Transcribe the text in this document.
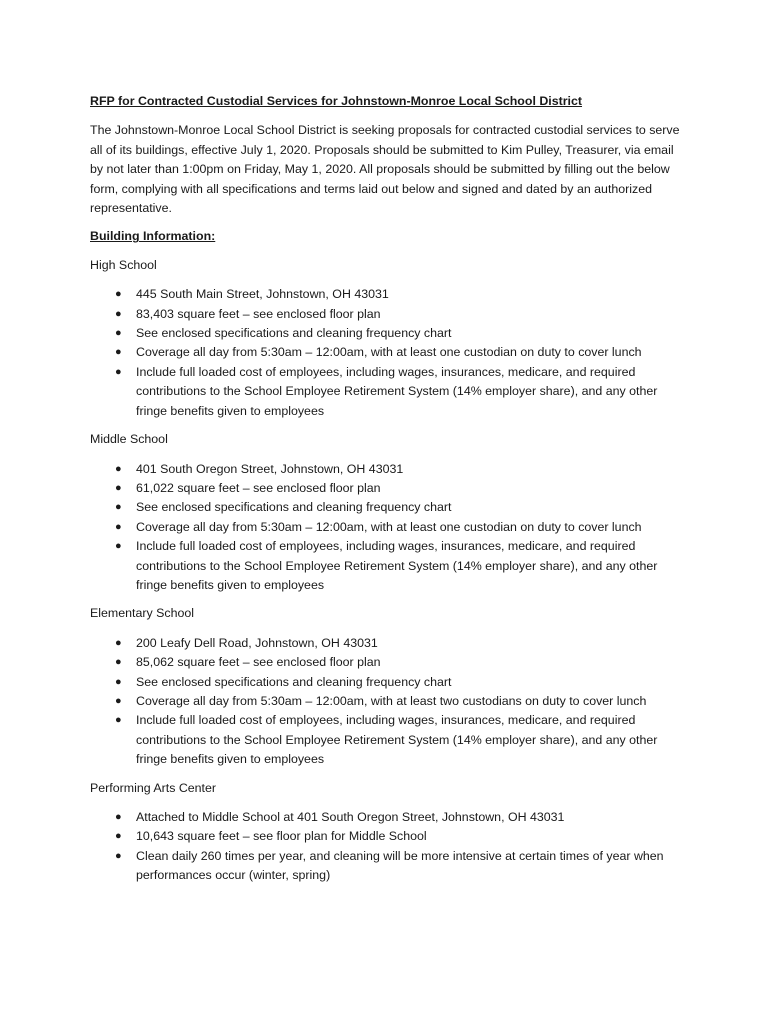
RFP for Contracted Custodial Services for Johnstown-Monroe Local School District
The Johnstown-Monroe Local School District is seeking proposals for contracted custodial services to serve all of its buildings, effective July 1, 2020. Proposals should be submitted to Kim Pulley, Treasurer, via email by not later than 1:00pm on Friday, May 1, 2020. All proposals should be submitted by filling out the below form, complying with all specifications and terms laid out below and signed and dated by an authorized representative.
Building Information:
High School
● 445 South Main Street, Johnstown, OH 43031
● 83,403 square feet – see enclosed floor plan
● See enclosed specifications and cleaning frequency chart
● Coverage all day from 5:30am – 12:00am, with at least one custodian on duty to cover lunch
● Include full loaded cost of employees, including wages, insurances, medicare, and required contributions to the School Employee Retirement System (14% employer share), and any other fringe benefits given to employees
Middle School
● 401 South Oregon Street, Johnstown, OH 43031
● 61,022 square feet – see enclosed floor plan
● See enclosed specifications and cleaning frequency chart
● Coverage all day from 5:30am – 12:00am, with at least one custodian on duty to cover lunch
● Include full loaded cost of employees, including wages, insurances, medicare, and required contributions to the School Employee Retirement System (14% employer share), and any other fringe benefits given to employees
Elementary School
● 200 Leafy Dell Road, Johnstown, OH 43031
● 85,062 square feet – see enclosed floor plan
● See enclosed specifications and cleaning frequency chart
● Coverage all day from 5:30am – 12:00am, with at least two custodians on duty to cover lunch
● Include full loaded cost of employees, including wages, insurances, medicare, and required contributions to the School Employee Retirement System (14% employer share), and any other fringe benefits given to employees
Performing Arts Center
● Attached to Middle School at 401 South Oregon Street, Johnstown, OH 43031
● 10,643 square feet – see floor plan for Middle School
● Clean daily 260 times per year, and cleaning will be more intensive at certain times of year when performances occur (winter, spring)
